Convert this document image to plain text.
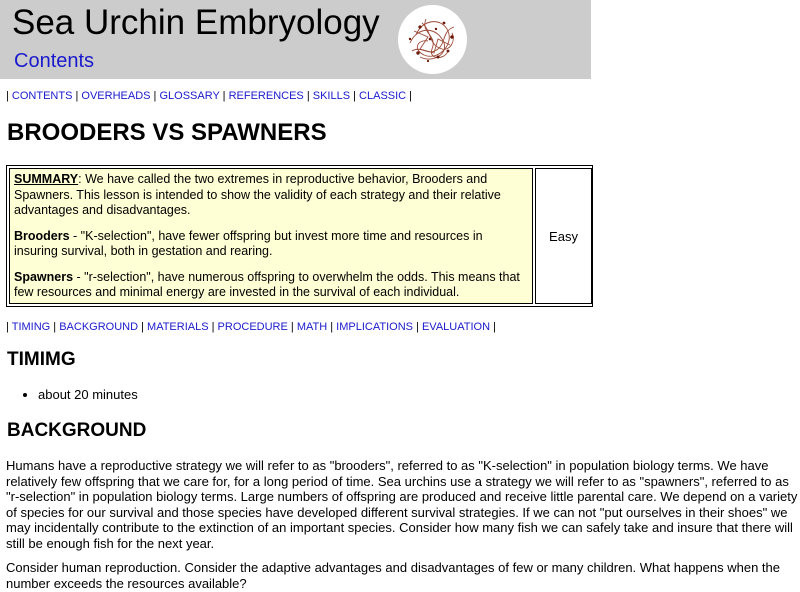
Sea Urchin Embryology
Contents
| CONTENTS | OVERHEADS | GLOSSARY | REFERENCES | SKILLS | CLASSIC |
BROODERS VS SPAWNERS

SUMMARY: We have called the two extremes in reproductive behavior, Brooders and Spawners. This lesson is intended to show the validity of each strategy and their relative advantages and disadvantages.

Brooders - "K-selection", have fewer offspring but invest more time and resources in insuring survival, both in gestation and rearing.

Spawners - "r-selection", have numerous offspring to overwhelm the odds. This means that few resources and minimal energy are invested in the survival of each individual.

Easy
| TIMING | BACKGROUND | MATERIALS | PROCEDURE | MATH | IMPLICATIONS | EVALUATION |
TIMIMG
• about 20 minutes
BACKGROUND

Humans have a reproductive strategy we will refer to as "brooders", referred to as "K-selection" in population biology terms. We have relatively few offspring that we care for, for a long period of time. Sea urchins use a strategy we will refer to as "spawners", referred to as "r-selection" in population biology terms. Large numbers of offspring are produced and receive little parental care. We depend on a variety of species for our survival and those species have developed different survival strategies. If we can not "put ourselves in their shoes" we may incidentally contribute to the extinction of an important species. Consider how many fish we can safely take and insure that there will still be enough fish for the next year.

Consider human reproduction. Consider the adaptive advantages and disadvantages of few or many children. What happens when the number exceeds the resources available?
